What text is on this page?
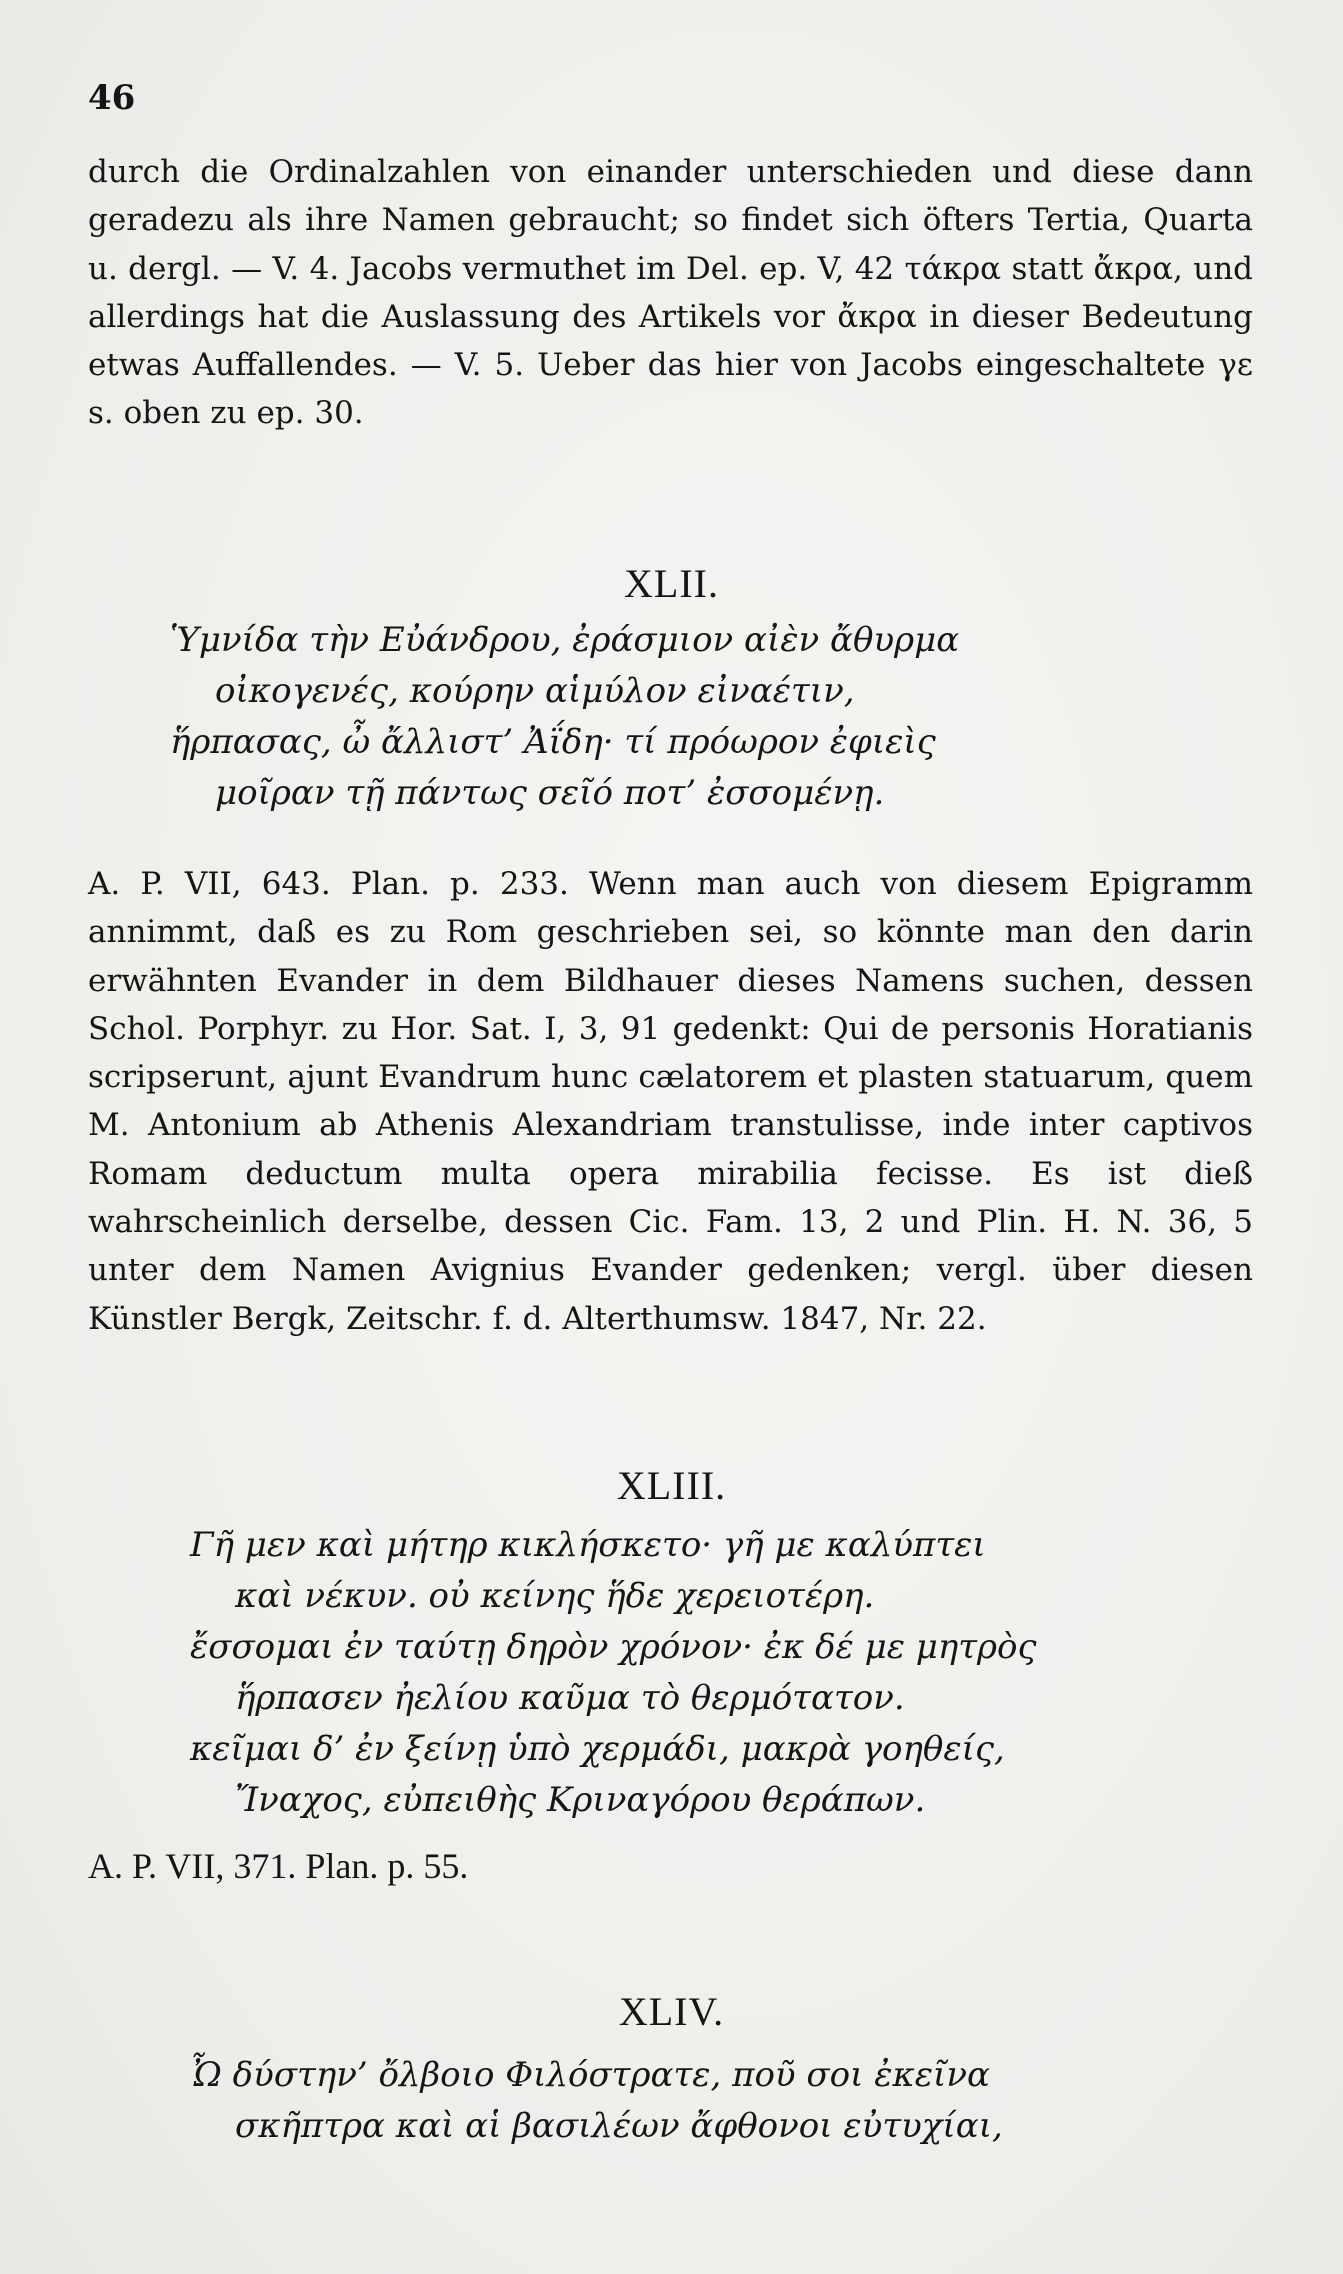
46

durch die Ordinalzahlen von einander unterschieden und diese dann geradezu als ihre Namen gebraucht; so findet sich öfters Tertia, Quarta u. dergl. — V. 4. Jacobs vermuthet im Del. ep. V, 42 τάκρα statt ἄκρα, und allerdings hat die Auslassung des Artikels vor ἄκρα in dieser Bedeutung etwas Auffallendes. — V. 5. Ueber das hier von Jacobs eingeschaltete γε s. oben zu ep. 30.

XLII.
Ὑμνίδα τὴν Εὐάνδρου, ἐράσμιον αἰὲν ἄθυρμα
οἰκογενές, κούρην αἱμύλον εἰναέτιν,
ἥρπασας, ὦ ἄλλιστ’ Ἀΐδη· τί πρόωρον ἐφιεὶς
μοῖραν τῇ πάντως σεῖό ποτ’ ἐσσομένῃ.

A. P. VII, 643. Plan. p. 233. Wenn man auch von diesem Epigramm annimmt, daß es zu Rom geschrieben sei, so könnte man den darin erwähnten Evander in dem Bildhauer dieses Namens suchen, dessen Schol. Porphyr. zu Hor. Sat. I, 3, 91 gedenkt: Qui de personis Horatianis scripserunt, ajunt Evandrum hunc cælatorem et plasten statuarum, quem M. Antonium ab Athenis Alexandriam transtulisse, inde inter captivos Romam deductum multa opera mirabilia fecisse. Es ist dieß wahrscheinlich derselbe, dessen Cic. Fam. 13, 2 und Plin. H. N. 36, 5 unter dem Namen Avignius Evander gedenken; vergl. über diesen Künstler Bergk, Zeitschr. f. d. Alterthumsw. 1847, Nr. 22.

XLIII.
Γῆ μεν καὶ μήτηρ κικλήσκετο· γῆ με καλύπτει
καὶ νέκυν. οὐ κείνης ἥδε χερειοτέρη.
ἔσσομαι ἐν ταύτῃ δηρὸν χρόνον· ἐκ δέ με μητρὸς
ἥρπασεν ἠελίου καῦμα τὸ θερμότατον.
κεῖμαι δ’ ἐν ξείνῃ ὑπὸ χερμάδι, μακρὰ γοηθείς,
Ἴναχος, εὐπειθὴς Κριναγόρου θεράπων.
A. P. VII, 371. Plan. p. 55.
XLIV.
Ὦ δύστην’ ὄλβοιο Φιλόστρατε, ποῦ σοι ἐκεῖνα
σκῆπτρα καὶ αἱ βασιλέων ἄφθονοι εὐτυχίαι,
